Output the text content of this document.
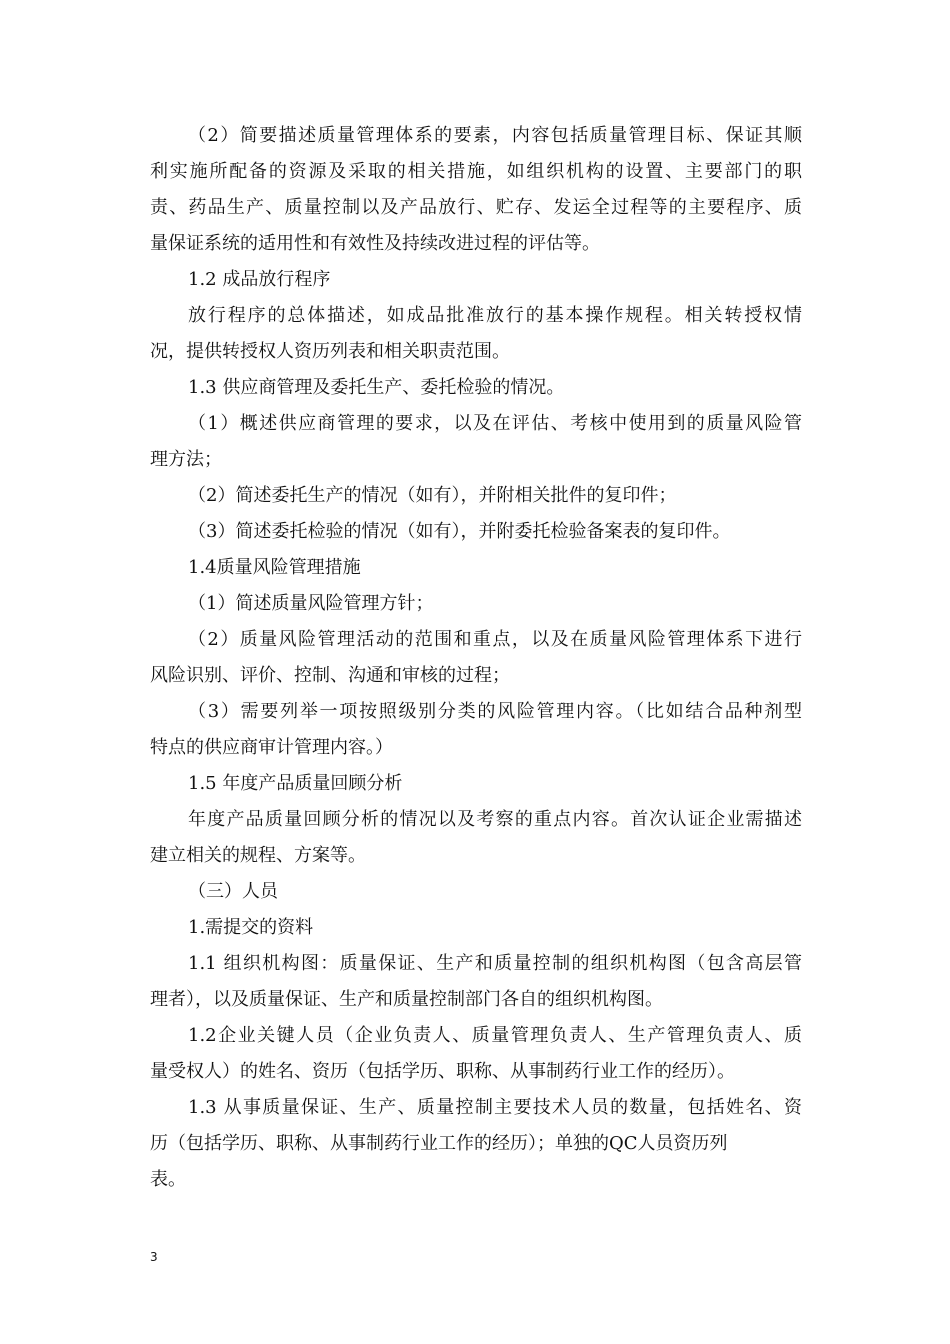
（2）简要描述质量管理体系的要素，内容包括质量管理目标、保证其顺
利实施所配备的资源及采取的相关措施，如组织机构的设置、主要部门的职
责、药品生产、质量控制以及产品放行、贮存、发运全过程等的主要程序、质
量保证系统的适用性和有效性及持续改进过程的评估等。
1.2 成品放行程序
放行程序的总体描述，如成品批准放行的基本操作规程。相关转授权情
况，提供转授权人资历列表和相关职责范围。
1.3 供应商管理及委托生产、委托检验的情况。
（1）概述供应商管理的要求，以及在评估、考核中使用到的质量风险管
理方法；
（2）简述委托生产的情况（如有），并附相关批件的复印件；
（3）简述委托检验的情况（如有），并附委托检验备案表的复印件。
1.4质量风险管理措施
（1）简述质量风险管理方针；
（2）质量风险管理活动的范围和重点，以及在质量风险管理体系下进行
风险识别、评价、控制、沟通和审核的过程；
（3）需要列举一项按照级别分类的风险管理内容。（比如结合品种剂型
特点的供应商审计管理内容。）
1.5 年度产品质量回顾分析
年度产品质量回顾分析的情况以及考察的重点内容。首次认证企业需描述
建立相关的规程、方案等。
（三）人员
1.需提交的资料
1.1 组织机构图：质量保证、生产和质量控制的组织机构图（包含高层管
理者），以及质量保证、生产和质量控制部门各自的组织机构图。
1.2企业关键人员（企业负责人、质量管理负责人、生产管理负责人、质
量受权人）的姓名、资历（包括学历、职称、从事制药行业工作的经历）。
1.3 从事质量保证、生产、质量控制主要技术人员的数量，包括姓名、资
历（包括学历、职称、从事制药行业工作的经历）；单独的QC人员资历列
表。
3
